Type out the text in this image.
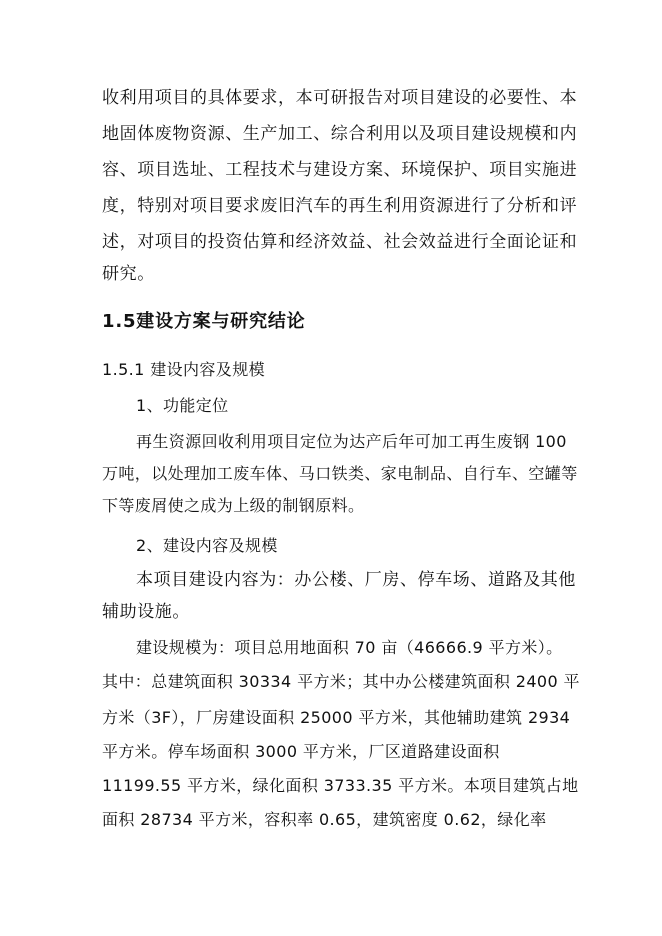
收利用项目的具体要求，本可研报告对项目建设的必要性、本
地固体废物资源、生产加工、综合利用以及项目建设规模和内
容、项目选址、工程技术与建设方案、环境保护、项目实施进
度，特别对项目要求废旧汽车的再生利用资源进行了分析和评
述，对项目的投资估算和经济效益、社会效益进行全面论证和
研究。
1.5建设方案与研究结论
1.5.1 建设内容及规模
1、功能定位
再生资源回收利用项目定位为达产后年可加工再生废钢 100
万吨，以处理加工废车体、马口铁类、家电制品、自行车、空罐等
下等废屑使之成为上级的制钢原料。
2、建设内容及规模
本项目建设内容为：办公楼、厂房、停车场、道路及其他
辅助设施。
建设规模为：项目总用地面积 70 亩（46666.9 平方米）。
其中：总建筑面积 30334 平方米；其中办公楼建筑面积 2400 平
方米（3F），厂房建设面积 25000 平方米，其他辅助建筑 2934
平方米。停车场面积 3000 平方米，厂区道路建设面积
11199.55 平方米，绿化面积 3733.35 平方米。本项目建筑占地
面积 28734 平方米，容积率 0.65，建筑密度 0.62，绿化率
